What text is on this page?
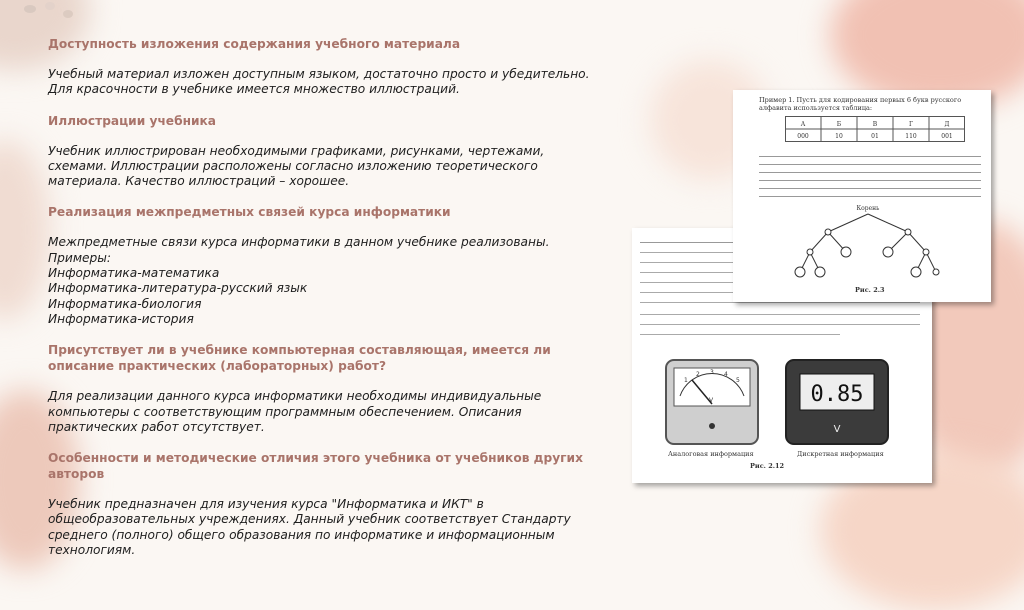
Доступность изложения содержания учебного материала

Учебный материал изложен доступным языком, достаточно просто и убедительно.

Для красочности в учебнике имеется множество иллюстраций.

Иллюстрации учебника

Учебник иллюстрирован необходимыми графиками, рисунками, чертежами,

схемами. Иллюстрации расположены согласно изложению теоретического

материала. Качество иллюстраций – хорошее.

Реализация межпредметных связей курса информатики

Межпредметные связи курса информатики в данном учебнике реализованы.

Примеры:

Информатика-математика

Информатика-литература-русский язык

Информатика-биология

Информатика-история

Присутствует ли в учебнике компьютерная составляющая, имеется ли описание практических (лабораторных) работ?

Для реализации данного курса информатики необходимы индивидуальные

компьютеры с соответствующим программным обеспечением. Описания

практических работ отсутствует.

Особенности и методические отличия этого учебника от учебников других авторов

Учебник предназначен для изучения курса "Информатика и ИКТ" в

общеобразовательных учреждениях. Данный учебник соответствует Стандарту

среднего (полного) общего образования по информатике и информационным

технологиям.

1
2 3 4
5
V	0.85
V
Аналоговая информация	Дискретная информация
Рис. 2.12
Пример 1. Пусть для кодирования первых 6 букв русского
алфавита используется таблица:
А	Б	В	Г	Д
000	10	01	110	001
Корень
Рис. 2.3
